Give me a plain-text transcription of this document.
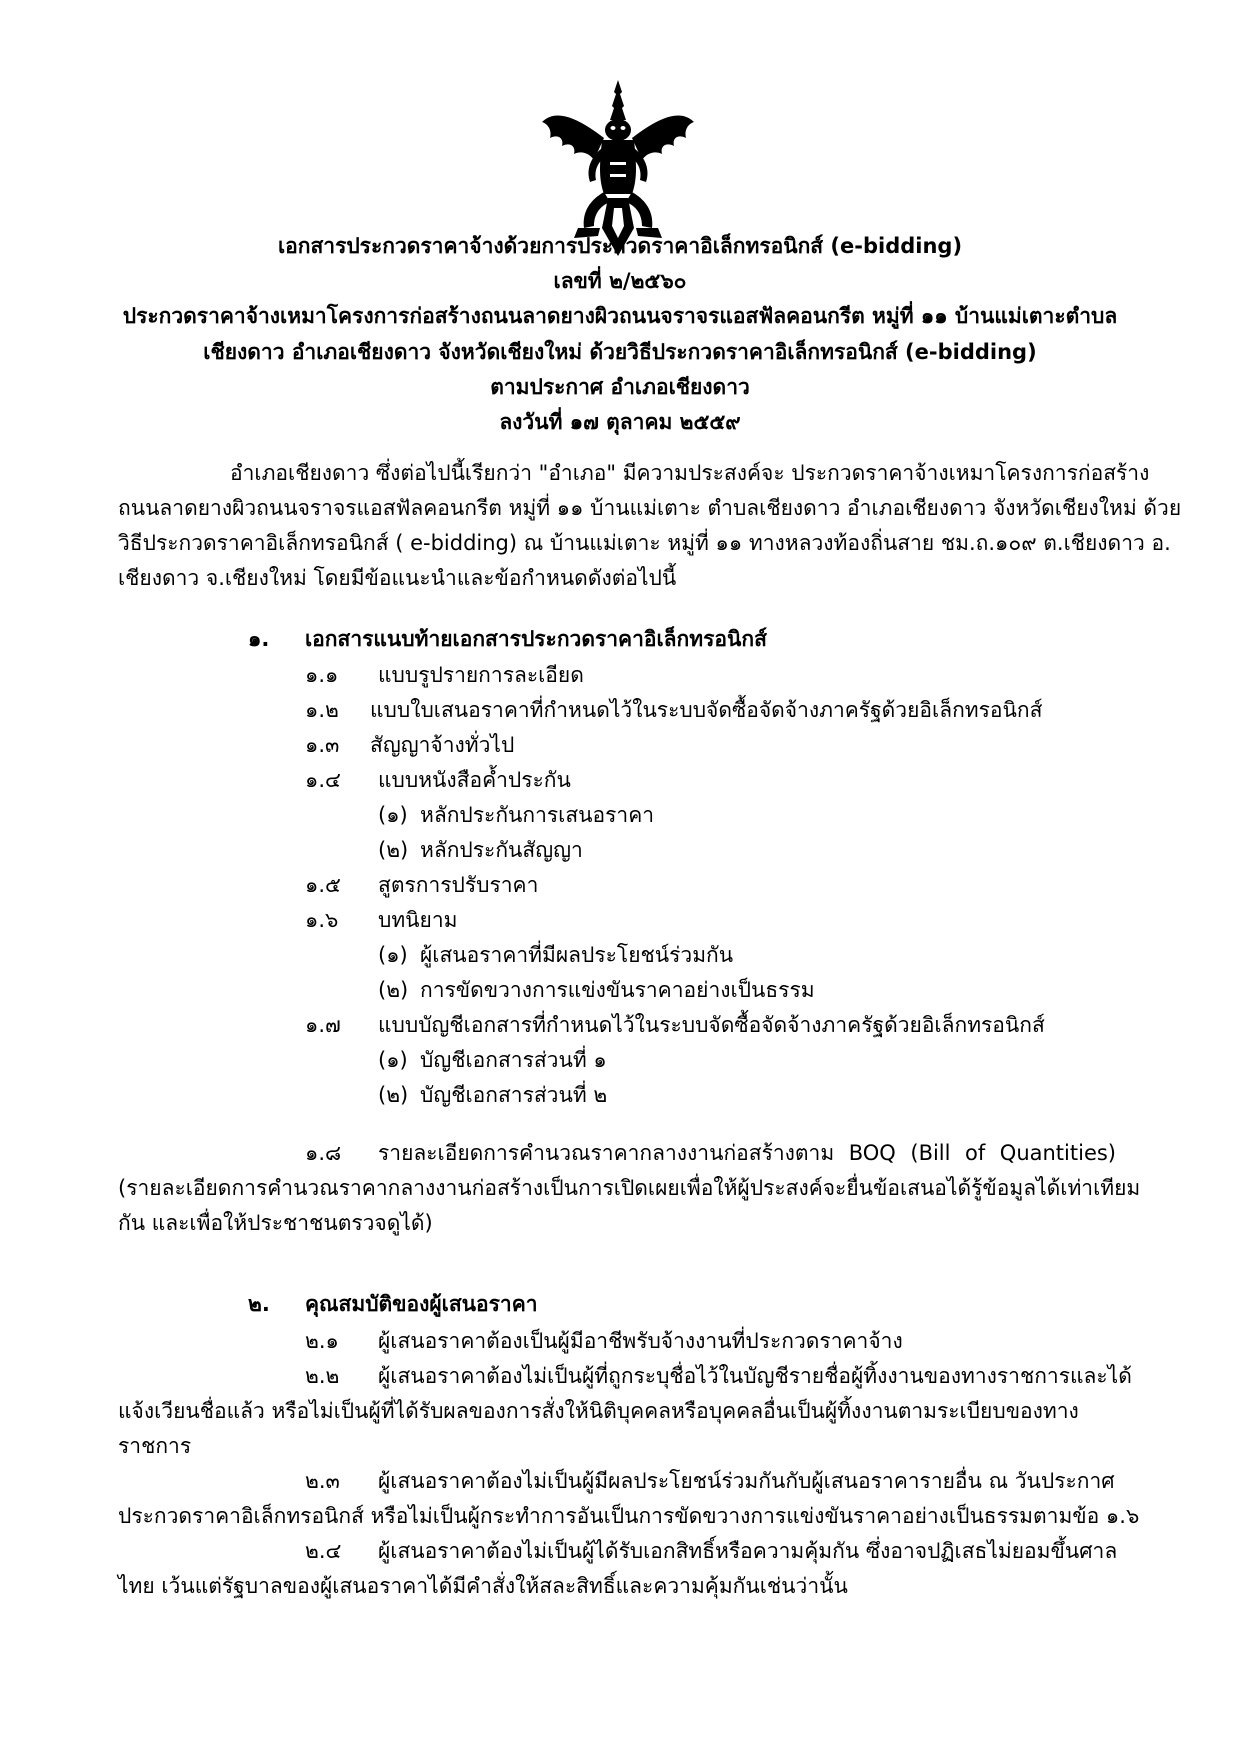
เอกสารประกวดราคาจ้างด้วยการประกวดราคาอิเล็กทรอนิกส์ (e-bidding)
เลขที่ ๒/๒๕๖๐
ประกวดราคาจ้างเหมาโครงการก่อสร้างถนนลาดยางผิวถนนจราจรแอสฟัลคอนกรีต หมู่ที่ ๑๑ บ้านแม่เตาะตำบล
เชียงดาว อำเภอเชียงดาว จังหวัดเชียงใหม่ ด้วยวิธีประกวดราคาอิเล็กทรอนิกส์ (e-bidding)
ตามประกาศ อำเภอเชียงดาว
ลงวันที่ ๑๗ ตุลาคม ๒๕๕๙
อำเภอเชียงดาว ซึ่งต่อไปนี้เรียกว่า "อำเภอ" มีความประสงค์จะ ประกวดราคาจ้างเหมาโครงการก่อสร้าง
ถนนลาดยางผิวถนนจราจรแอสฟัลคอนกรีต หมู่ที่ ๑๑ บ้านแม่เตาะ ตำบลเชียงดาว อำเภอเชียงดาว จังหวัดเชียงใหม่ ด้วย
วิธีประกวดราคาอิเล็กทรอนิกส์ ( e-bidding) ณ บ้านแม่เตาะ หมู่ที่ ๑๑ ทางหลวงท้องถิ่นสาย ชม.ถ.๑๐๙ ต.เชียงดาว อ.
เชียงดาว จ.เชียงใหม่ โดยมีข้อแนะนำและข้อกำหนดดังต่อไปนี้
๑. เอกสารแนบท้ายเอกสารประกวดราคาอิเล็กทรอนิกส์
๑.๑ แบบรูปรายการละเอียด
๑.๒ แบบใบเสนอราคาที่กำหนดไว้ในระบบจัดซื้อจัดจ้างภาครัฐด้วยอิเล็กทรอนิกส์
๑.๓ สัญญาจ้างทั่วไป
๑.๔ แบบหนังสือค้ำประกัน
(๑) หลักประกันการเสนอราคา
(๒) หลักประกันสัญญา
๑.๕ สูตรการปรับราคา
๑.๖ บทนิยาม
(๑) ผู้เสนอราคาที่มีผลประโยชน์ร่วมกัน
(๒) การขัดขวางการแข่งขันราคาอย่างเป็นธรรม
๑.๗ แบบบัญชีเอกสารที่กำหนดไว้ในระบบจัดซื้อจัดจ้างภาครัฐด้วยอิเล็กทรอนิกส์
(๑) บัญชีเอกสารส่วนที่ ๑
(๒) บัญชีเอกสารส่วนที่ ๒
๑.๘ รายละเอียดการคำนวณราคากลางงานก่อสร้างตาม BOQ (Bill of Quantities)
(รายละเอียดการคำนวณราคากลางงานก่อสร้างเป็นการเปิดเผยเพื่อให้ผู้ประสงค์จะยื่นข้อเสนอได้รู้ข้อมูลได้เท่าเทียม
กัน และเพื่อให้ประชาชนตรวจดูได้)
๒. คุณสมบัติของผู้เสนอราคา
๒.๑ ผู้เสนอราคาต้องเป็นผู้มีอาชีพรับจ้างงานที่ประกวดราคาจ้าง
๒.๒ ผู้เสนอราคาต้องไม่เป็นผู้ที่ถูกระบุชื่อไว้ในบัญชีรายชื่อผู้ทิ้งงานของทางราชการและได้
แจ้งเวียนชื่อแล้ว หรือไม่เป็นผู้ที่ได้รับผลของการสั่งให้นิติบุคคลหรือบุคคลอื่นเป็นผู้ทิ้งงานตามระเบียบของทาง
ราชการ
๒.๓ ผู้เสนอราคาต้องไม่เป็นผู้มีผลประโยชน์ร่วมกันกับผู้เสนอราคารายอื่น ณ วันประกาศ
ประกวดราคาอิเล็กทรอนิกส์ หรือไม่เป็นผู้กระทำการอันเป็นการขัดขวางการแข่งขันราคาอย่างเป็นธรรมตามข้อ ๑.๖
๒.๔ ผู้เสนอราคาต้องไม่เป็นผู้ได้รับเอกสิทธิ์หรือความคุ้มกัน ซึ่งอาจปฏิเสธไม่ยอมขึ้นศาล
ไทย เว้นแต่รัฐบาลของผู้เสนอราคาได้มีคำสั่งให้สละสิทธิ์และความคุ้มกันเช่นว่านั้น
